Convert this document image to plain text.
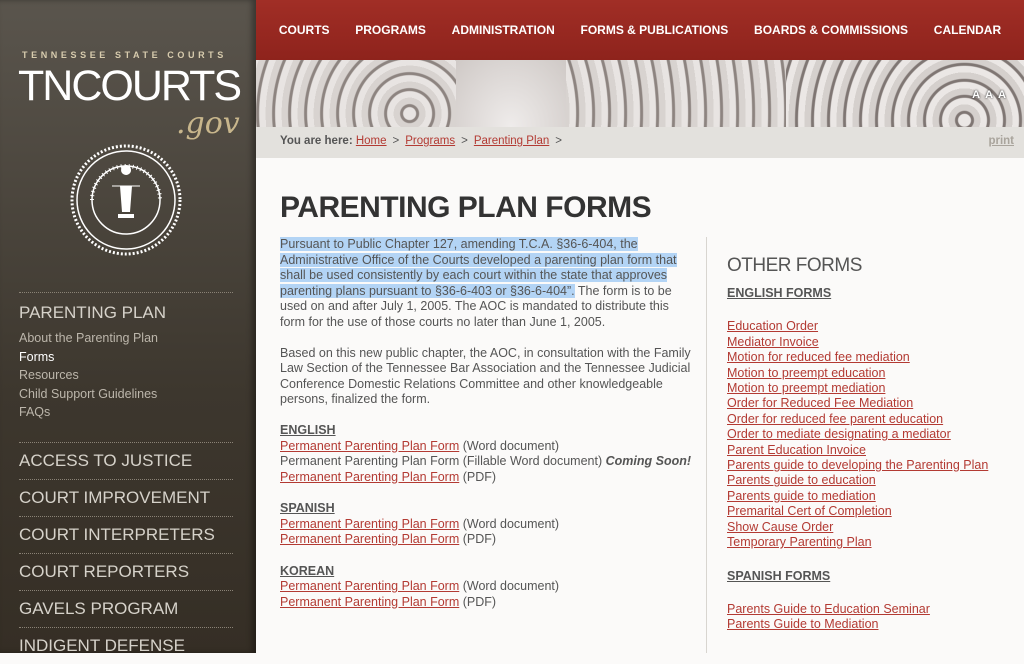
TENNESSEE STATE COURTS
TNCOURTS
.gov
PARENTING PLAN
About the Parenting Plan
Forms
Resources
Child Support Guidelines
FAQs
ACCESS TO JUSTICE
COURT IMPROVEMENT
COURT INTERPRETERS
COURT REPORTERS
GAVELS PROGRAM
INDIGENT DEFENSE
COURTS PROGRAMS ADMINISTRATION FORMS & PUBLICATIONS BOARDS & COMMISSIONS CALENDAR
A A A
You are here: Home > Programs > Parenting Plan >	print
PARENTING PLAN FORMS

Pursuant to Public Chapter 127, amending T.C.A. §36-6-404, the Administrative Office of the Courts developed a parenting plan form that shall be used consistently by each court within the state that approves parenting plans pursuant to §36-6-403 or §36-6-404”. The form is to be used on and after July 1, 2005. The AOC is mandated to distribute this form for the use of those courts no later than June 1, 2005.

Based on this new public chapter, the AOC, in consultation with the Family Law Section of the Tennessee Bar Association and the Tennessee Judicial Conference Domestic Relations Committee and other knowledgeable persons, finalized the form.

ENGLISH
Permanent Parenting Plan Form (Word document)
Permanent Parenting Plan Form (Fillable Word document) Coming Soon!
Permanent Parenting Plan Form (PDF)
SPANISH
Permanent Parenting Plan Form (Word document)
Permanent Parenting Plan Form (PDF)
KOREAN
Permanent Parenting Plan Form (Word document)
Permanent Parenting Plan Form (PDF)
OTHER FORMS
ENGLISH FORMS
Education Order
Mediator Invoice
Motion for reduced fee mediation
Motion to preempt education
Motion to preempt mediation
Order for Reduced Fee Mediation
Order for reduced fee parent education
Order to mediate designating a mediator
Parent Education Invoice
Parents guide to developing the Parenting Plan
Parents guide to education
Parents guide to mediation
Premarital Cert of Completion
Show Cause Order
Temporary Parenting Plan
SPANISH FORMS
Parents Guide to Education Seminar
Parents Guide to Mediation
